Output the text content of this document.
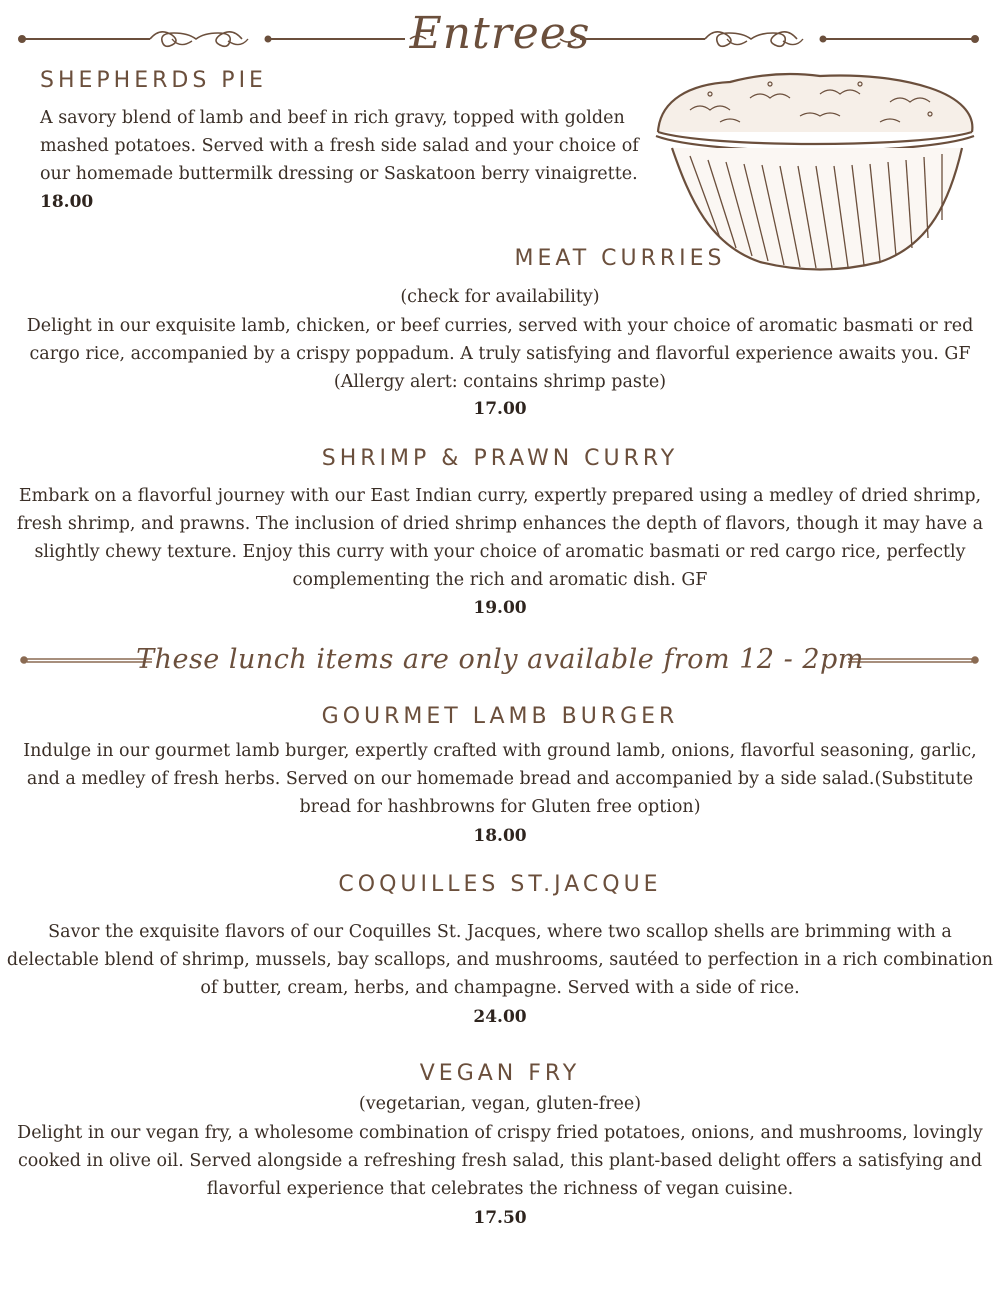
Entrees
SHEPHERDS PIE

A savory blend of lamb and beef in rich gravy, topped with golden mashed potatoes. Served with a fresh side salad and your choice of our homemade buttermilk dressing or Saskatoon berry vinaigrette.

18.00
MEAT CURRIES
(check for availability)

Delight in our exquisite lamb, chicken, or beef curries, served with your choice of aromatic basmati or red cargo rice, accompanied by a crispy poppadum. A truly satisfying and flavorful experience awaits you. GF

(Allergy alert: contains shrimp paste)
17.00
SHRIMP & PRAWN CURRY

Embark on a flavorful journey with our East Indian curry, expertly prepared using a medley of dried shrimp, fresh shrimp, and prawns. The inclusion of dried shrimp enhances the depth of flavors, though it may have a slightly chewy texture. Enjoy this curry with your choice of aromatic basmati or red cargo rice, perfectly complementing the rich and aromatic dish. GF

19.00
These lunch items are only available from 12 - 2pm
GOURMET LAMB BURGER

Indulge in our gourmet lamb burger, expertly crafted with ground lamb, onions, flavorful seasoning, garlic, and a medley of fresh herbs. Served on our homemade bread and accompanied by a side salad.(Substitute bread for hashbrowns for Gluten free option)

18.00
COQUILLES ST.JACQUE

Savor the exquisite flavors of our Coquilles St. Jacques, where two scallop shells are brimming with a delectable blend of shrimp, mussels, bay scallops, and mushrooms, sautéed to perfection in a rich combination of butter, cream, herbs, and champagne. Served with a side of rice.

24.00
VEGAN FRY
(vegetarian, vegan, gluten-free)

Delight in our vegan fry, a wholesome combination of crispy fried potatoes, onions, and mushrooms, lovingly cooked in olive oil. Served alongside a refreshing fresh salad, this plant-based delight offers a satisfying and flavorful experience that celebrates the richness of vegan cuisine.

17.50
